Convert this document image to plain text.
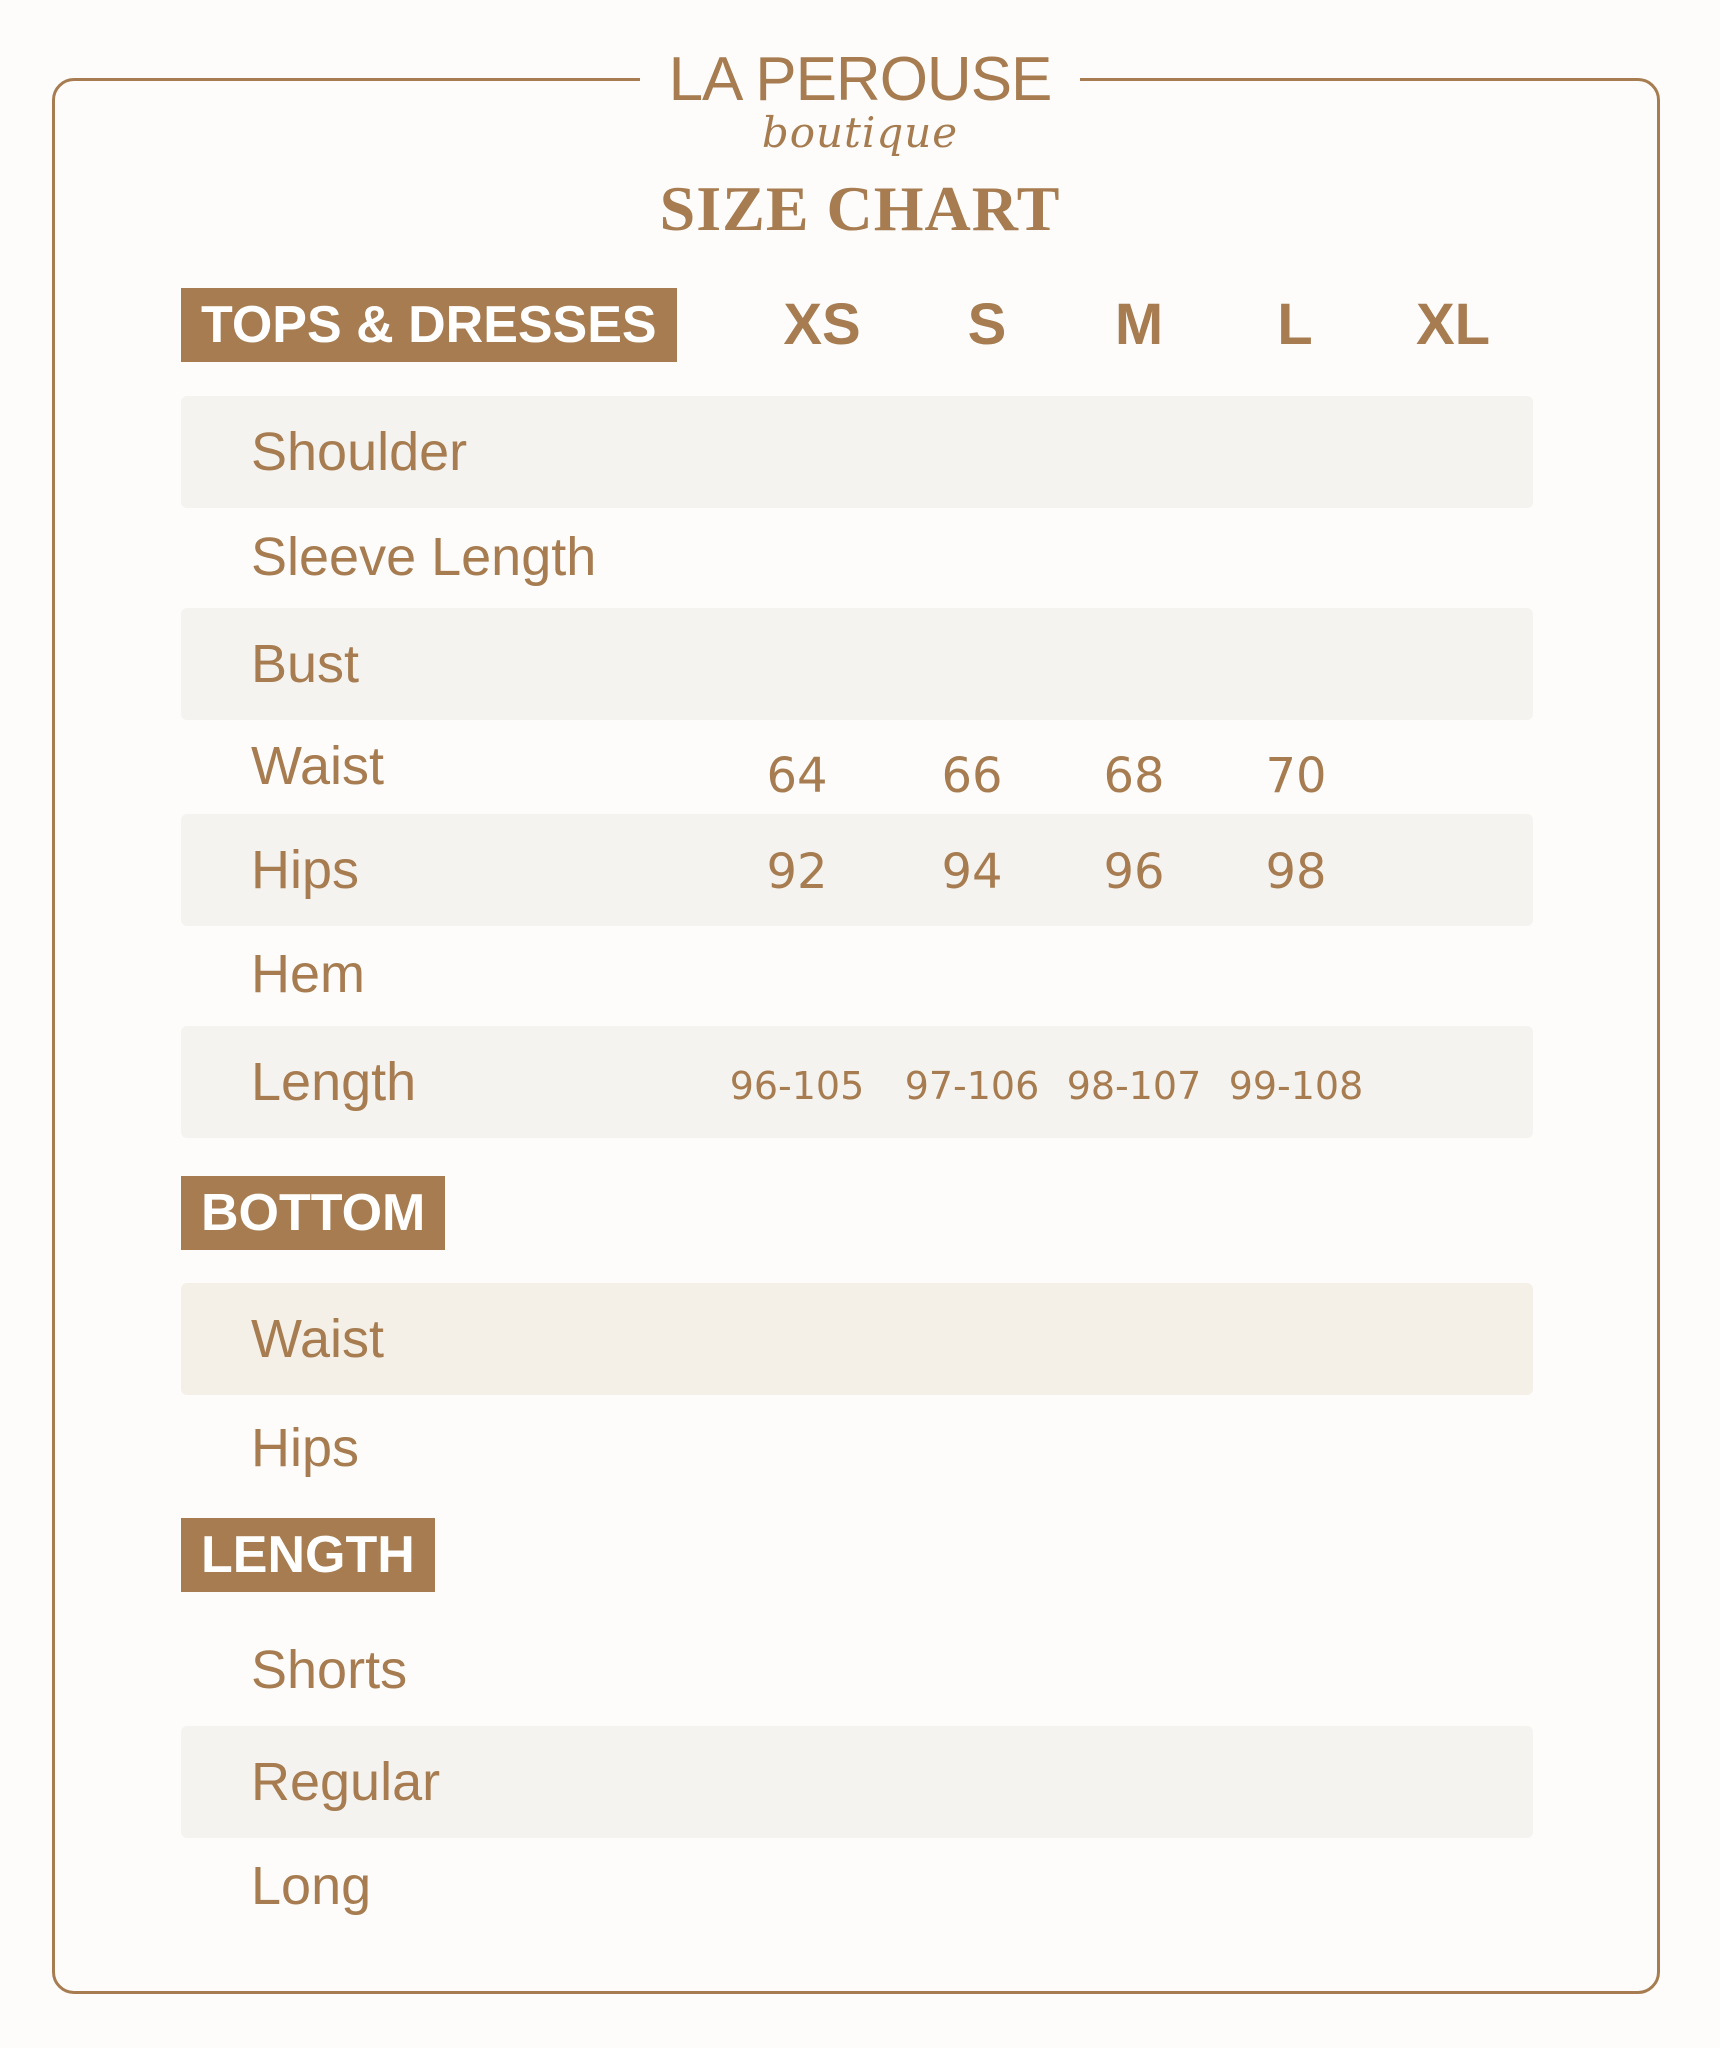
LA PEROUSE
boutique
SIZE CHART
TOPS & DRESSES	XS	S	M	L	XL
Shoulder
Sleeve Length
Bust
Waist	64	66	68	70
Hips	92	94	96	98
Hem
Length	96-105	97-106 98-107 99-108
BOTTOM
Waist
Hips
LENGTH
Shorts
Regular
Long
